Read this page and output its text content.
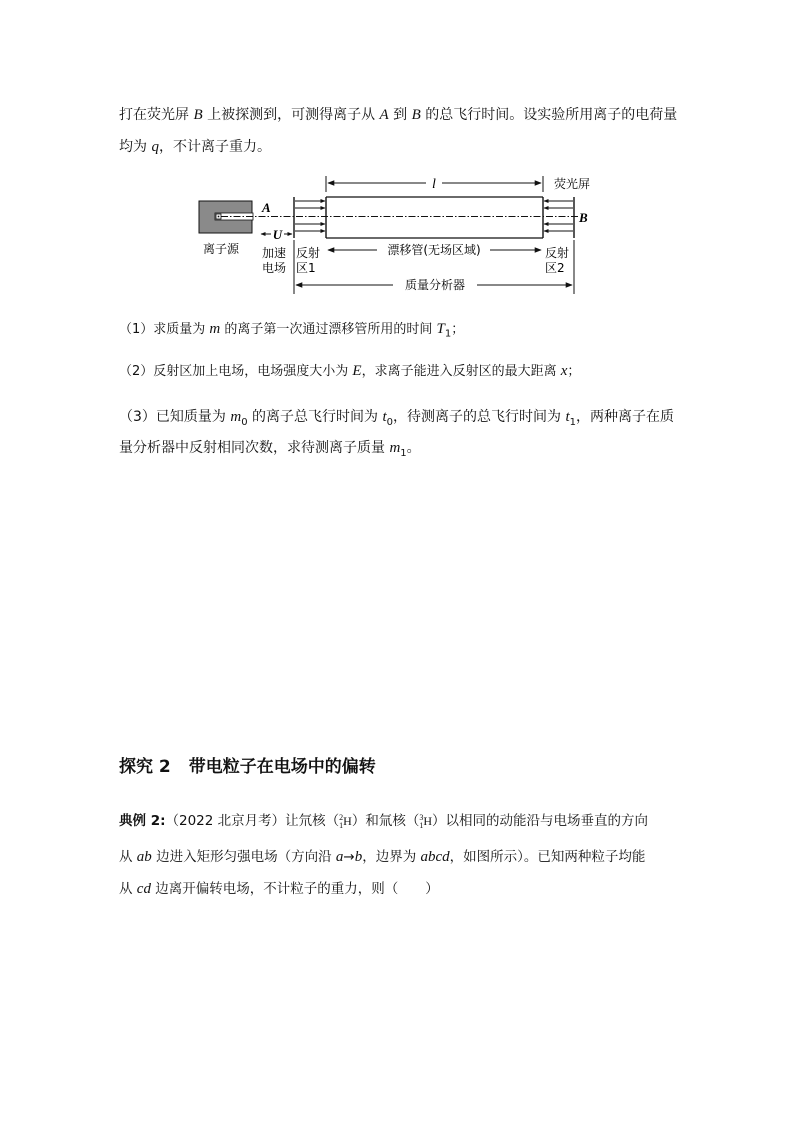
打在荧光屏 B 上被探测到，可测得离子从 A 到 B 的总飞行时间。设实验所用离子的电荷量
均为 q，不计离子重力。
l	荧光屏
A
B
U
离子源 加速
电场
反射
区1
漂移管(无场区域)	反射
区2
质量分析器
（1）求质量为 m 的离子第一次通过漂移管所用的时间 $T_1$；
（2）反射区加上电场，电场强度大小为 E，求离子能进入反射区的最大距离 x；
（3）已知质量为 $m_0$ 的离子总飞行时间为 $t_0$，待测离子的总飞行时间为 $t_1$，两种离子在质
量分析器中反射相同次数，求待测离子质量 $m_1$。
探究 2 带电粒子在电场中的偏转
典例 2:（2022 北京月考）让氘核（$^2_1$H）和氚核（$^3_1$H）以相同的动能沿与电场垂直的方向
从 ab 边进入矩形匀强电场（方向沿 a→b，边界为 abcd，如图所示）。已知两种粒子均能
从 cd 边离开偏转电场，不计粒子的重力，则（　　）
